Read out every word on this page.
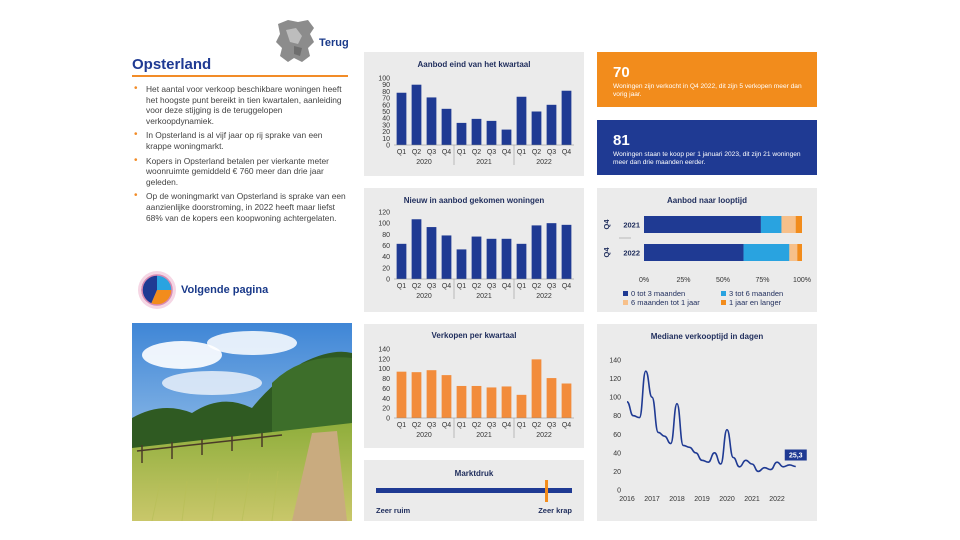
Terug
Opsterland
• Het aantal voor verkoop beschikbare woningen heeft het hoogste punt bereikt in tien kwartalen, aanleiding voor deze stijging is de teruggelopen verkoopdynamiek.
• In Opsterland is al vijf jaar op rij sprake van een krappe woningmarkt.
• Kopers in Opsterland betalen per vierkante meter woonruimte gemiddeld € 760 meer dan drie jaar geleden.
• Op de woningmarkt van Opsterland is sprake van een aanzienlijke doorstroming, in 2022 heeft maar liefst 68% van de kopers een koopwoning achtergelaten.
Volgende pagina
Aanbod eind van het kwartaal
0
10
20
30
40
50
60
70
80
90
100
Q1 Q2 Q3 Q4 Q1 Q2 Q3 Q4 Q1 Q2 Q3 Q4
2020	2021	2022
Nieuw in aanbod gekomen woningen
0
20
40
60
80
100
120
Q1 Q2 Q3 Q4 Q1 Q2 Q3 Q4 Q1 Q2 Q3 Q4
2020	2021	2022
Verkopen per kwartaal
0
20
40
60
80
100
120
140
Q1 Q2 Q3 Q4 Q1 Q2 Q3 Q4 Q1 Q2 Q3 Q4
2020	2021	2022
Marktdruk
Zeer ruim	Zeer krap
70
Woningen zijn verkocht in Q4 2022, dit zijn 5 verkopen meer dan vorig jaar.
81
Woningen staan te koop per 1 januari 2023, dit zijn 21 woningen meer dan drie maanden eerder.
Aanbod naar looptijd
2021
Q4
2022
Q4
0%	25%	50%	75%	100%
0 tot 3 maanden	3 tot 6 maanden
6 maanden tot 1 jaar	1 jaar en langer
Mediane verkooptijd in dagen
0
20
40
60
80
100
120
140
2016 2017 2018 2019 2020 2021 2022
25,3
